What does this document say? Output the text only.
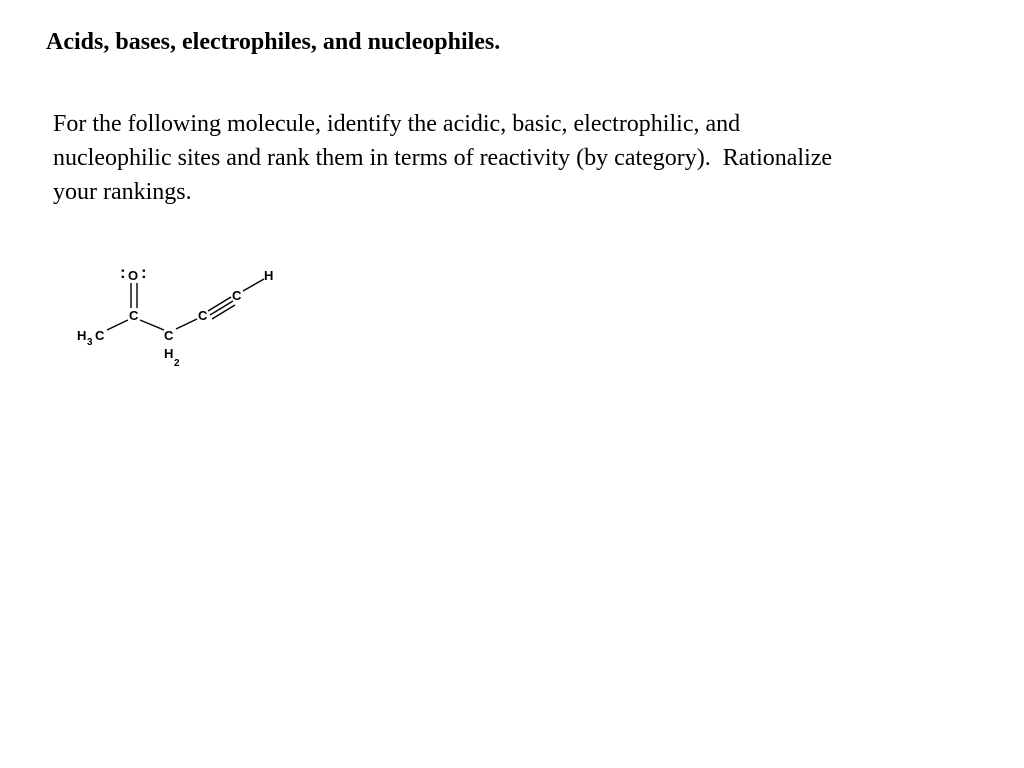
Acids, bases, electrophiles, and nucleophiles.
For the following molecule, identify the acidic, basic, electrophilic, and
nucleophilic sites and rank them in terms of reactivity (by category).  Rationalize
your rankings.
: O :
C
H 3 C	C
H
2
C
C
H
